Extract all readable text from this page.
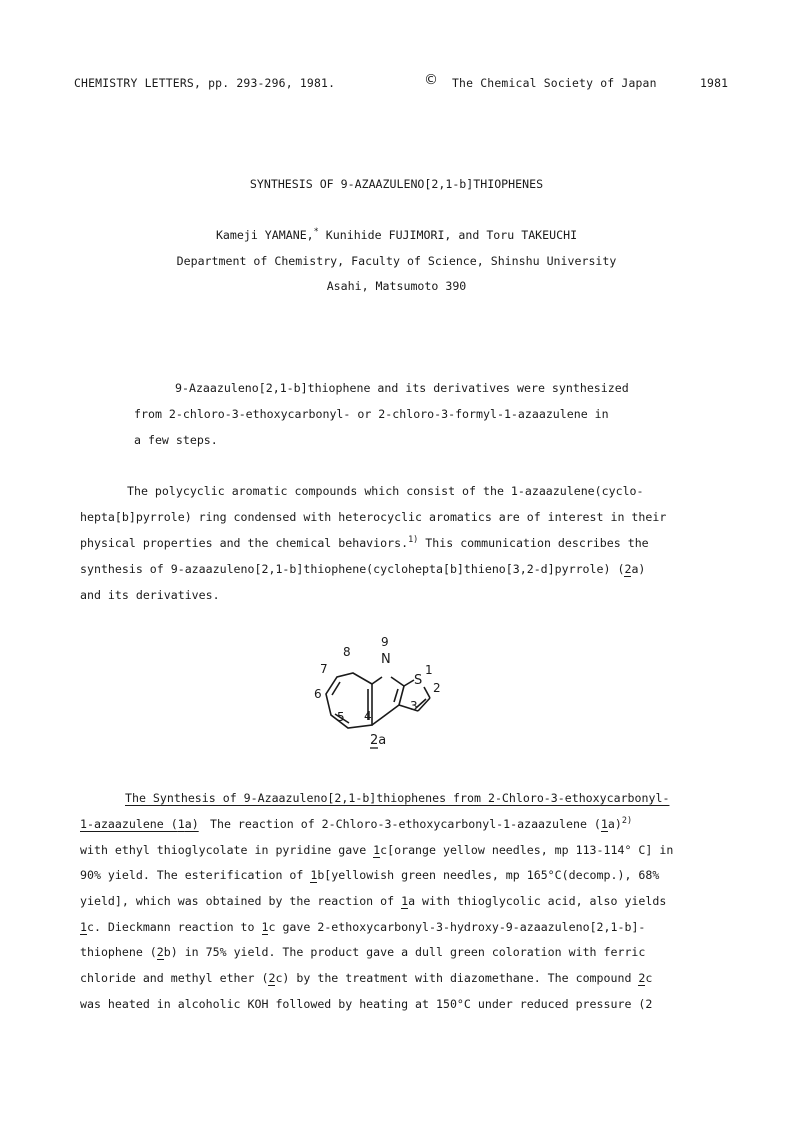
CHEMISTRY LETTERS, pp. 293-296, 1981.	© The Chemical Society of Japan	1981
SYNTHESIS OF 9-AZAAZULENO[2,1-b]THIOPHENES
Kameji YAMANE,* Kunihide FUJIMORI, and Toru TAKEUCHI
Department of Chemistry, Faculty of Science, Shinshu University
Asahi, Matsumoto 390
9-Azaazuleno[2,1-b]thiophene and its derivatives were synthesized
from 2-chloro-3-ethoxycarbonyl- or 2-chloro-3-formyl-1-azaazulene in
a few steps.
The polycyclic aromatic compounds which consist of the 1-azaazulene(cyclo-
hepta[b]pyrrole) ring condensed with heterocyclic aromatics are of interest in their
physical properties and the chemical behaviors.$^{1)}$ This communication describes the
synthesis of 9-azaazuleno[2,1-b]thiophene(cyclohepta[b]thieno[3,2-d]pyrrole) (2a)
and its derivatives.
9
N
S
1
2
3
4
5
6
7
8
2a
The Synthesis of 9-Azaazuleno[2,1-b]thiophenes from 2-Chloro-3-ethoxycarbonyl-
1-azaazulene (1a) The reaction of 2-Chloro-3-ethoxycarbonyl-1-azaazulene $(1a)^{2)}$
with ethyl thioglycolate in pyridine gave 1c[orange yellow needles, mp 113-114° C] in
90% yield. The esterification of 1b[yellowish green needles, mp 165°C(decomp.), 68%
yield], which was obtained by the reaction of 1a with thioglycolic acid, also yields
1c. Dieckmann reaction to 1c gave 2-ethoxycarbonyl-3-hydroxy-9-azaazuleno[2,1-b]-
thiophene (2b) in 75% yield. The product gave a dull green coloration with ferric
chloride and methyl ether (2c) by the treatment with diazomethane. The compound 2c
was heated in alcoholic KOH followed by heating at 150°C under reduced pressure (2
